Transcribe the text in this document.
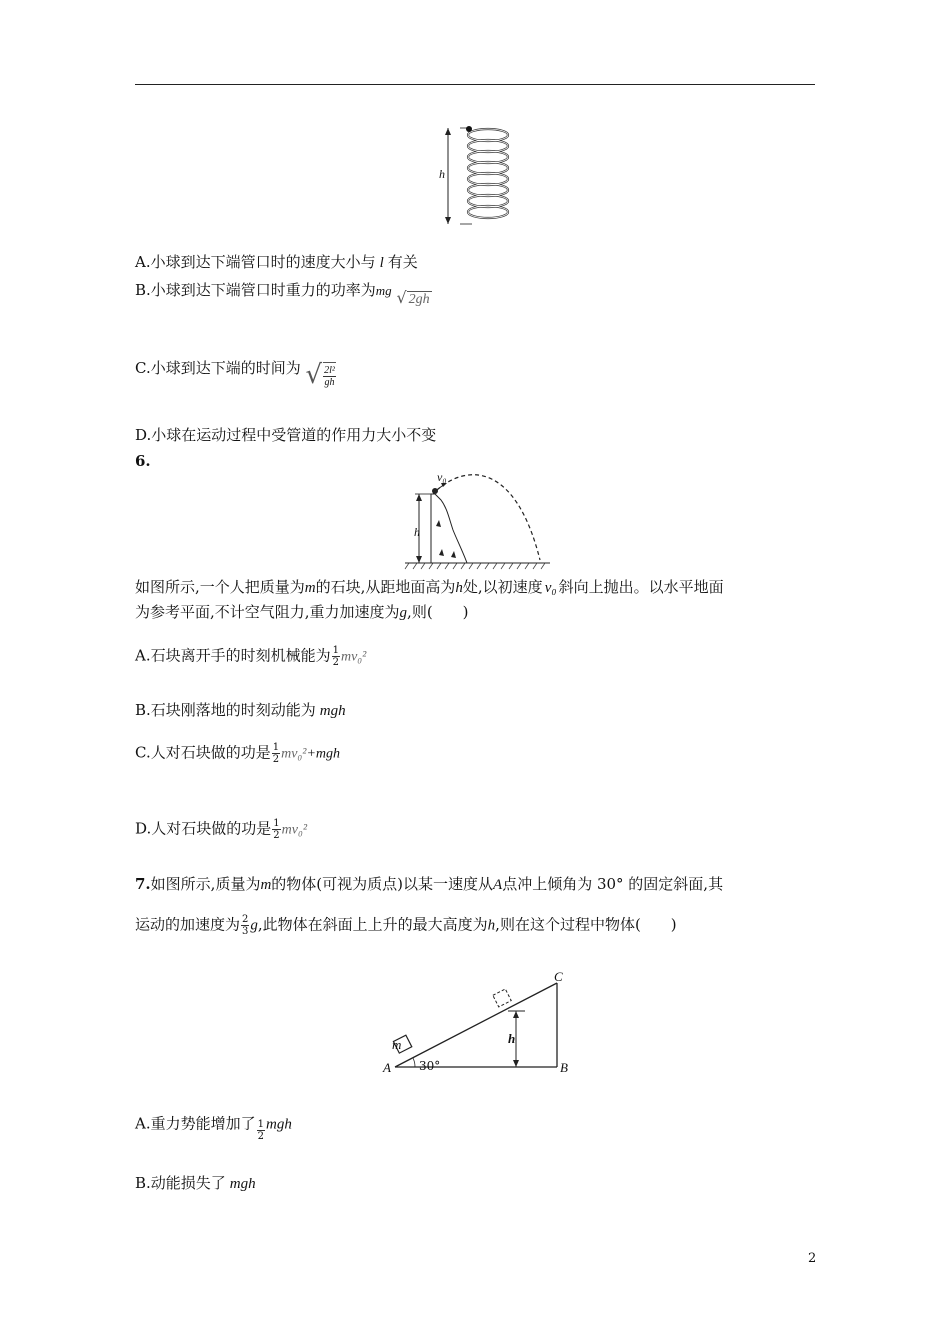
h
A.小球到达下端管口时的速度大小与 l 有关
B.小球到达下端管口时重力的功率为mg √ 2gh
C.小球到达下端的时间为 √ $\frac{\text{2l²}}{gh}$
D.小球在运动过程中受管道的作用力大小不变
6.
v₀
h
如图所示,一个人把质量为m的石块,从距地面高为h处,以初速度 v₀ 斜向上抛出。以水平地面
为参考平面,不计空气阻力,重力加速度为g,则(　　)
A.石块离开手的时刻机械能为 $\frac{1}{2} mv_0^2$
B.石块刚落地的时刻动能为 mgh
C.人对石块做的功是 $\frac{1}{2} mv_0^2+mgh$
D.人对石块做的功是 $\frac{1}{2} mv_0^2$
7.如图所示,质量为m的物体(可视为质点)以某一速度从A点冲上倾角为 30° 的固定斜面,其
运动的加速度为 $\frac{2}{3} g$,此物体在斜面上上升的最大高度为h,则在这个过程中物体(　　)
C
A	B
m	h
30°
A.重力势能增加了 $\frac{1}{2}$ mgh
B.动能损失了 mgh
2
